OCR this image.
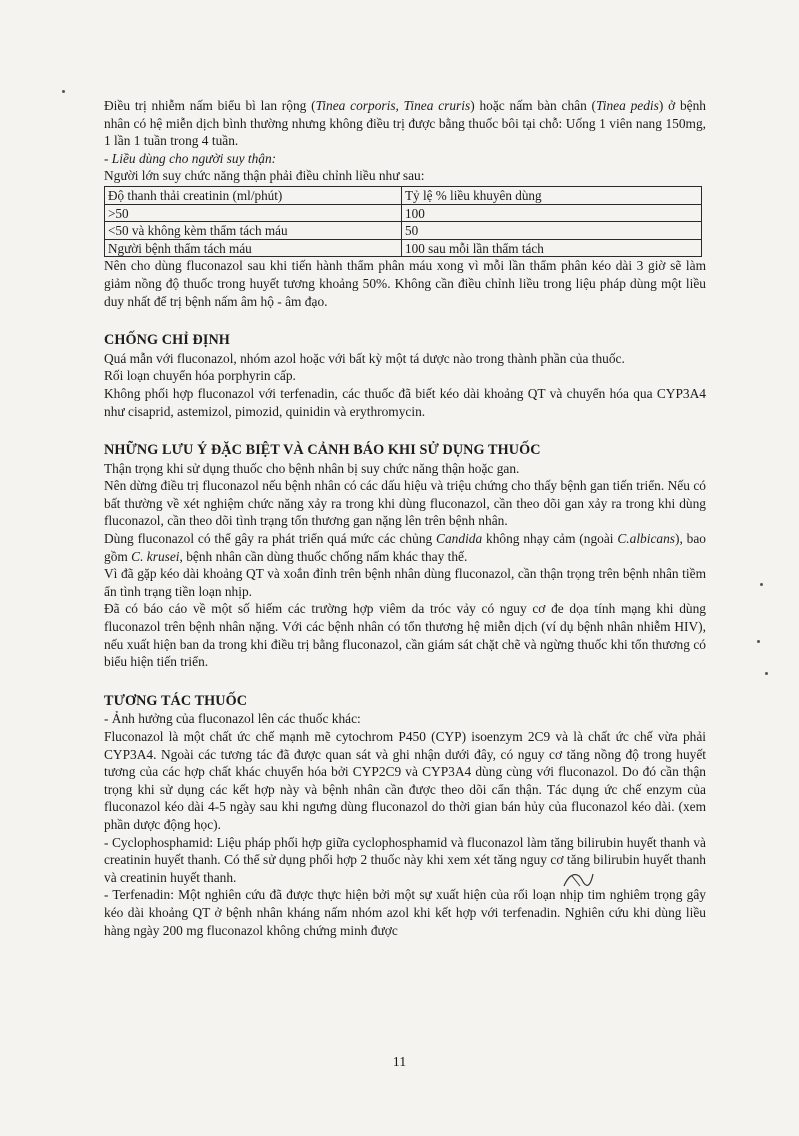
Điều trị nhiễm nấm biểu bì lan rộng (Tinea corporis, Tinea cruris) hoặc nấm bàn chân (Tinea pedis) ở bệnh nhân có hệ miễn dịch bình thường nhưng không điều trị được bằng thuốc bôi tại chỗ: Uống 1 viên nang 150mg, 1 lần 1 tuần trong 4 tuần.

- Liều dùng cho người suy thận:

Người lớn suy chức năng thận phải điều chỉnh liều như sau:

Độ thanh thải creatinin (ml/phút)	Tỷ lệ % liều khuyên dùng
>50	100
<50 và không kèm thẩm tách máu	50
Người bệnh thẩm tách máu	100 sau mỗi lần thẩm tách

Nên cho dùng fluconazol sau khi tiến hành thẩm phân máu xong vì mỗi lần thẩm phân kéo dài 3 giờ sẽ làm giảm nồng độ thuốc trong huyết tương khoảng 50%. Không cần điều chỉnh liều trong liệu pháp dùng một liều duy nhất để trị bệnh nấm âm hộ - âm đạo.

CHỐNG CHỈ ĐỊNH

Quá mẫn với fluconazol, nhóm azol hoặc với bất kỳ một tá dược nào trong thành phần của thuốc.

Rối loạn chuyển hóa porphyrin cấp.

Không phối hợp fluconazol với terfenadin, các thuốc đã biết kéo dài khoảng QT và chuyển hóa qua CYP3A4 như cisaprid, astemizol, pimozid, quinidin và erythromycin.

NHỮNG LƯU Ý ĐẶC BIỆT VÀ CẢNH BÁO KHI SỬ DỤNG THUỐC

Thận trọng khi sử dụng thuốc cho bệnh nhân bị suy chức năng thận hoặc gan.

Nên dừng điều trị fluconazol nếu bệnh nhân có các dấu hiệu và triệu chứng cho thấy bệnh gan tiến triển. Nếu có bất thường về xét nghiệm chức năng xảy ra trong khi dùng fluconazol, cần theo dõi gan xảy ra trong khi dùng fluconazol, cần theo dõi tình trạng tổn thương gan nặng lên trên bệnh nhân.

Dùng fluconazol có thể gây ra phát triển quá mức các chủng Candida không nhạy cảm (ngoài C.albicans), bao gồm C. krusei, bệnh nhân cần dùng thuốc chống nấm khác thay thế.

Vì đã gặp kéo dài khoảng QT và xoắn đỉnh trên bệnh nhân dùng fluconazol, cần thận trọng trên bệnh nhân tiềm ẩn tình trạng tiền loạn nhịp.

Đã có báo cáo về một số hiếm các trường hợp viêm da tróc vảy có nguy cơ đe dọa tính mạng khi dùng fluconazol trên bệnh nhân nặng. Với các bệnh nhân có tổn thương hệ miễn dịch (ví dụ bệnh nhân nhiễm HIV), nếu xuất hiện ban da trong khi điều trị bằng fluconazol, cần giám sát chặt chẽ và ngừng thuốc khi tổn thương có biểu hiện tiến triển.

TƯƠNG TÁC THUỐC

- Ảnh hưởng của fluconazol lên các thuốc khác:

Fluconazol là một chất ức chế mạnh mẽ cytochrom P450 (CYP) isoenzym 2C9 và là chất ức chế vừa phải CYP3A4. Ngoài các tương tác đã được quan sát và ghi nhận dưới đây, có nguy cơ tăng nồng độ trong huyết tương của các hợp chất khác chuyển hóa bởi CYP2C9 và CYP3A4 dùng cùng với fluconazol. Do đó cần thận trọng khi sử dụng các kết hợp này và bệnh nhân cần được theo dõi cẩn thận. Tác dụng ức chế enzym của fluconazol kéo dài 4-5 ngày sau khi ngưng dùng fluconazol do thời gian bán hủy của fluconazol kéo dài. (xem phần dược động học).

- Cyclophosphamid: Liệu pháp phối hợp giữa cyclophosphamid và fluconazol làm tăng bilirubin huyết thanh và creatinin huyết thanh. Có thể sử dụng phối hợp 2 thuốc này khi xem xét tăng nguy cơ tăng bilirubin huyết thanh và creatinin huyết thanh.

- Terfenadin: Một nghiên cứu đã được thực hiện bởi một sự xuất hiện của rối loạn nhịp tim nghiêm trọng gây kéo dài khoảng QT ở bệnh nhân kháng nấm nhóm azol khi kết hợp với terfenadin. Nghiên cứu khi dùng liều hàng ngày 200 mg fluconazol không chứng minh được

11
